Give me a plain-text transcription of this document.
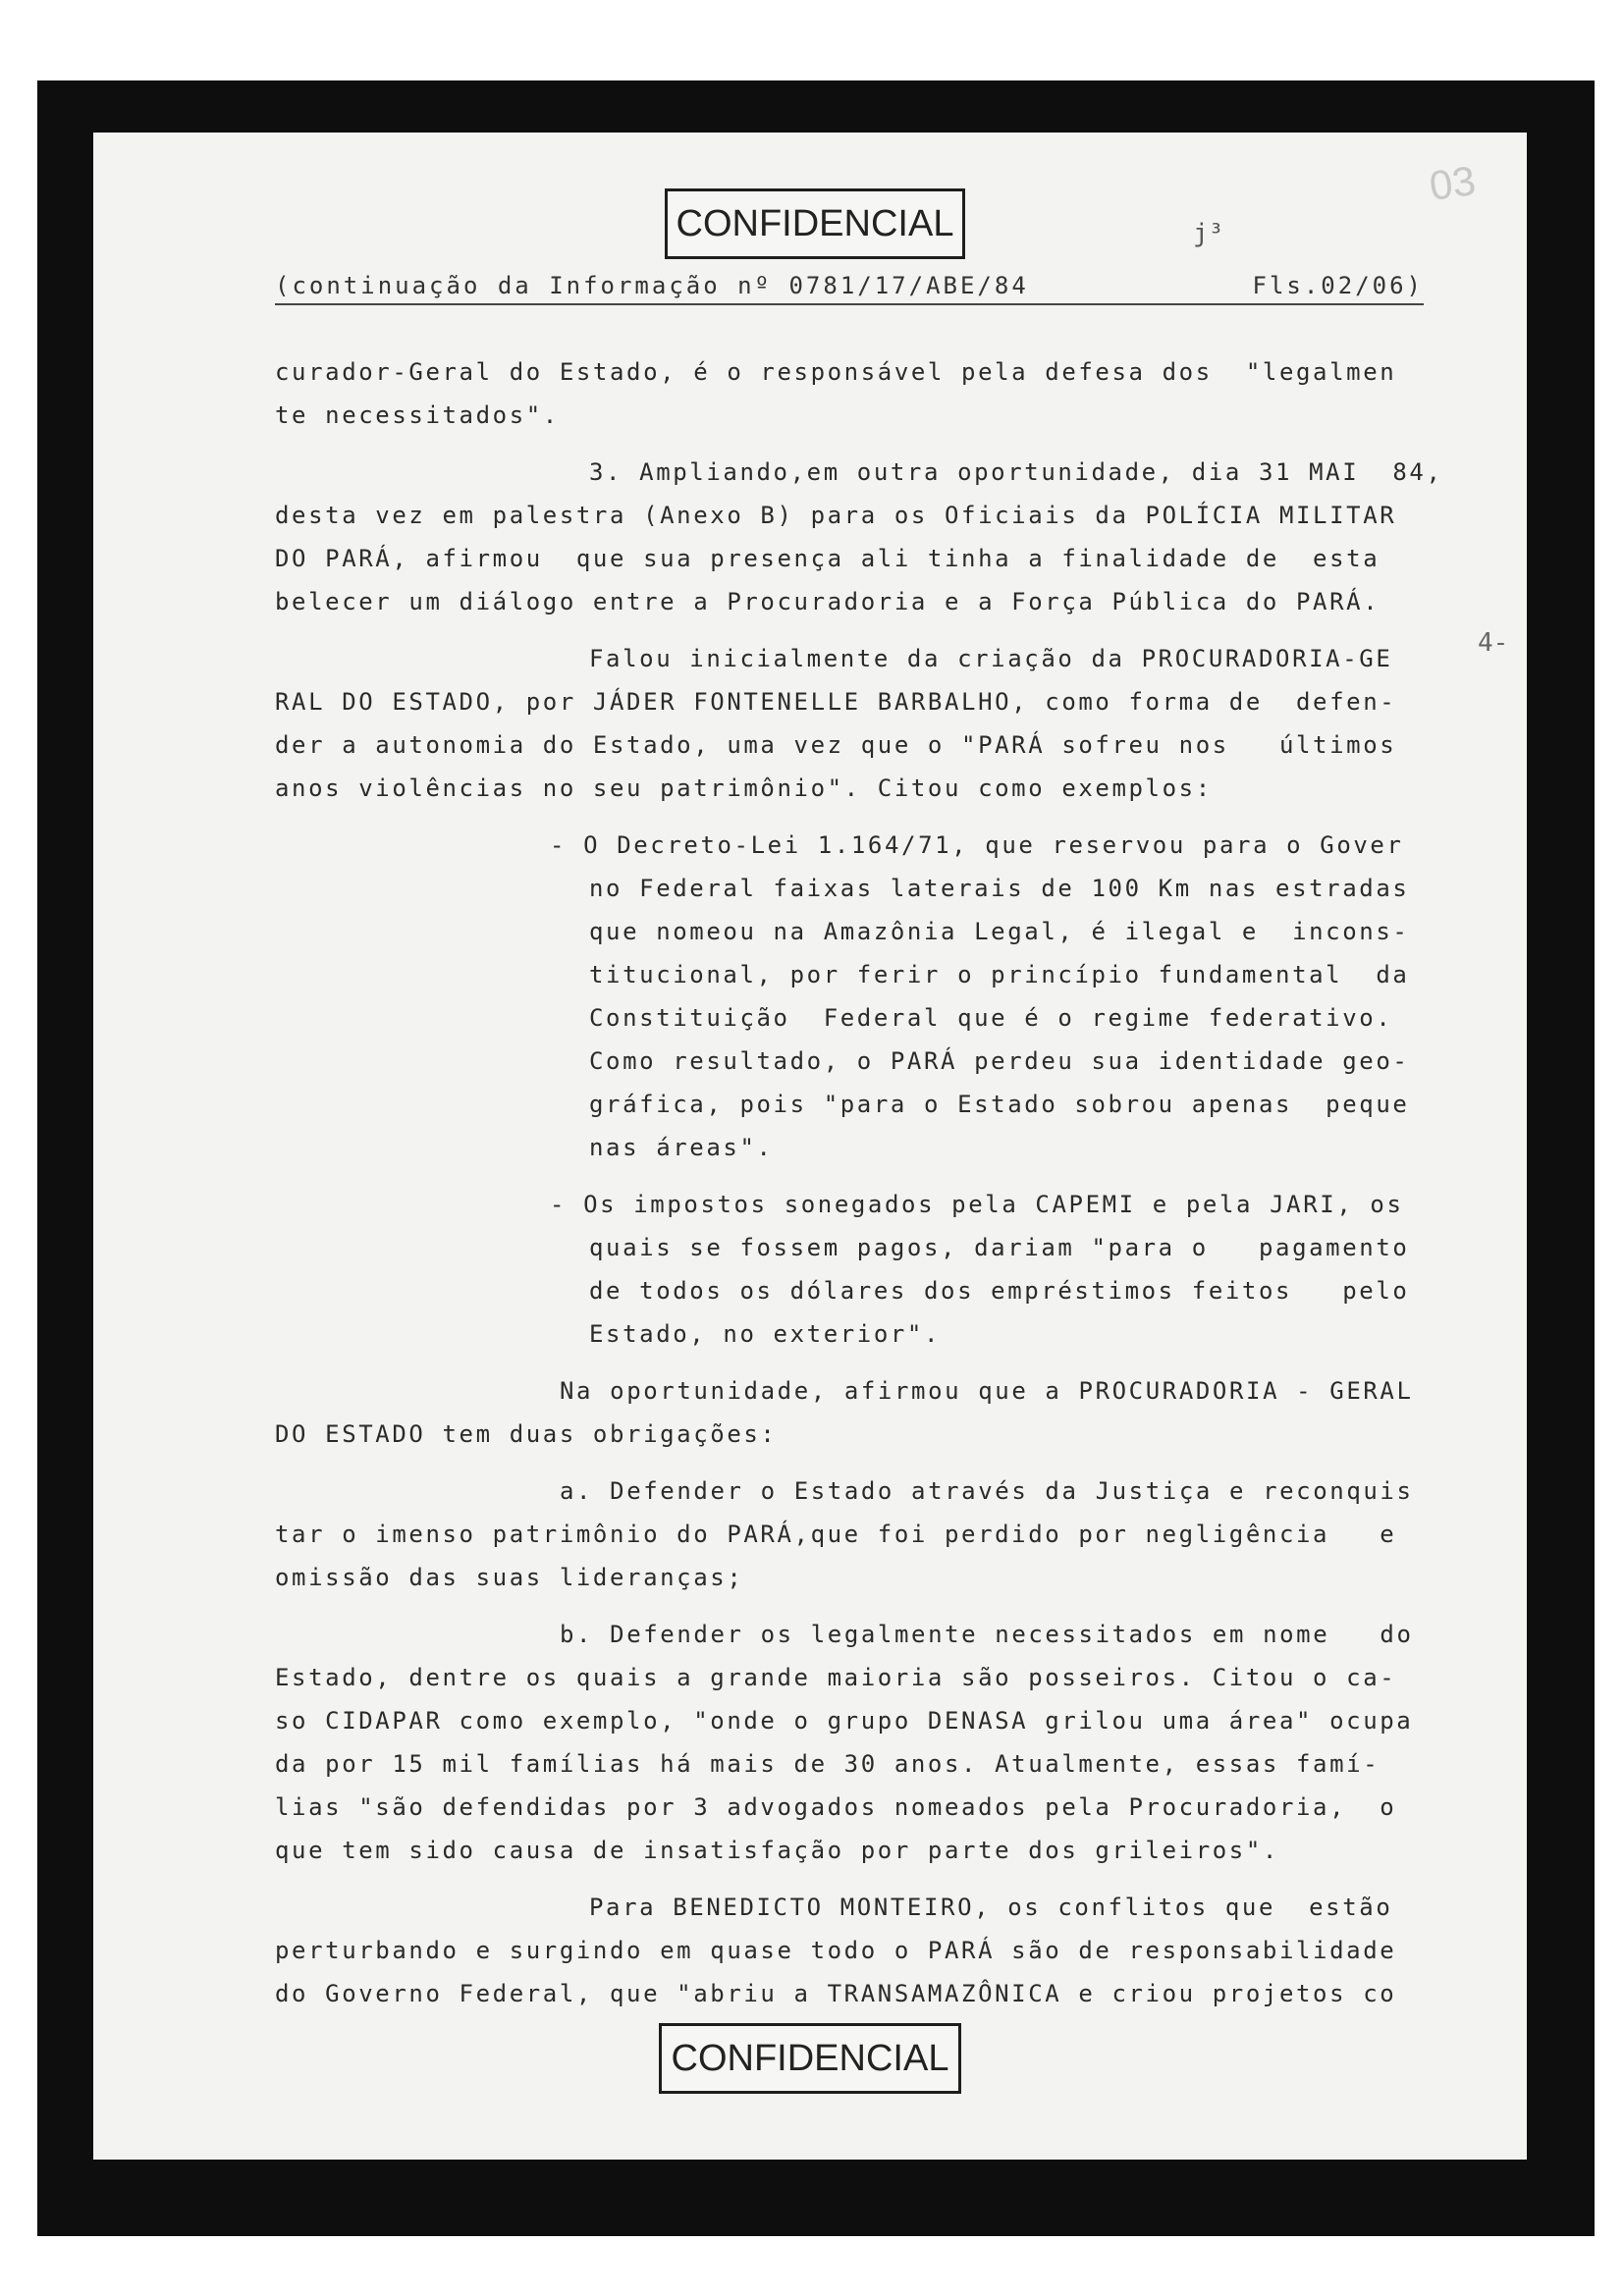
CONFIDENCIAL
03
j³
4-
(continuação da Informação nº 0781/17/ABE/84	Fls.02/06)
curador-Geral do Estado, é o responsável pela defesa dos  "legalmen
te necessitados".
3. Ampliando,em outra oportunidade, dia 31 MAI  84,
desta vez em palestra (Anexo B) para os Oficiais da POLÍCIA MILITAR
DO PARÁ, afirmou  que sua presença ali tinha a finalidade de  esta
belecer um diálogo entre a Procuradoria e a Força Pública do PARÁ.
Falou inicialmente da criação da PROCURADORIA-GE
RAL DO ESTADO, por JÁDER FONTENELLE BARBALHO, como forma de  defen-
der a autonomia do Estado, uma vez que o "PARÁ sofreu nos   últimos
anos violências no seu patrimônio". Citou como exemplos:
- O Decreto-Lei 1.164/71, que reservou para o Gover
no Federal faixas laterais de 100 Km nas estradas
que nomeou na Amazônia Legal, é ilegal e  incons-
titucional, por ferir o princípio fundamental  da
Constituição  Federal que é o regime federativo.
Como resultado, o PARÁ perdeu sua identidade geo-
gráfica, pois "para o Estado sobrou apenas  peque
nas áreas".
- Os impostos sonegados pela CAPEMI e pela JARI, os
quais se fossem pagos, dariam "para o   pagamento
de todos os dólares dos empréstimos feitos   pelo
Estado, no exterior".
Na oportunidade, afirmou que a PROCURADORIA - GERAL
DO ESTADO tem duas obrigações:
a. Defender o Estado através da Justiça e reconquis
tar o imenso patrimônio do PARÁ,que foi perdido por negligência   e
omissão das suas lideranças;
b. Defender os legalmente necessitados em nome   do
Estado, dentre os quais a grande maioria são posseiros. Citou o ca-
so CIDAPAR como exemplo, "onde o grupo DENASA grilou uma área" ocupa
da por 15 mil famílias há mais de 30 anos. Atualmente, essas famí-
lias "são defendidas por 3 advogados nomeados pela Procuradoria,  o
que tem sido causa de insatisfação por parte dos grileiros".
Para BENEDICTO MONTEIRO, os conflitos que  estão
perturbando e surgindo em quase todo o PARÁ são de responsabilidade
do Governo Federal, que "abriu a TRANSAMAZÔNICA e criou projetos co
CONFIDENCIAL
